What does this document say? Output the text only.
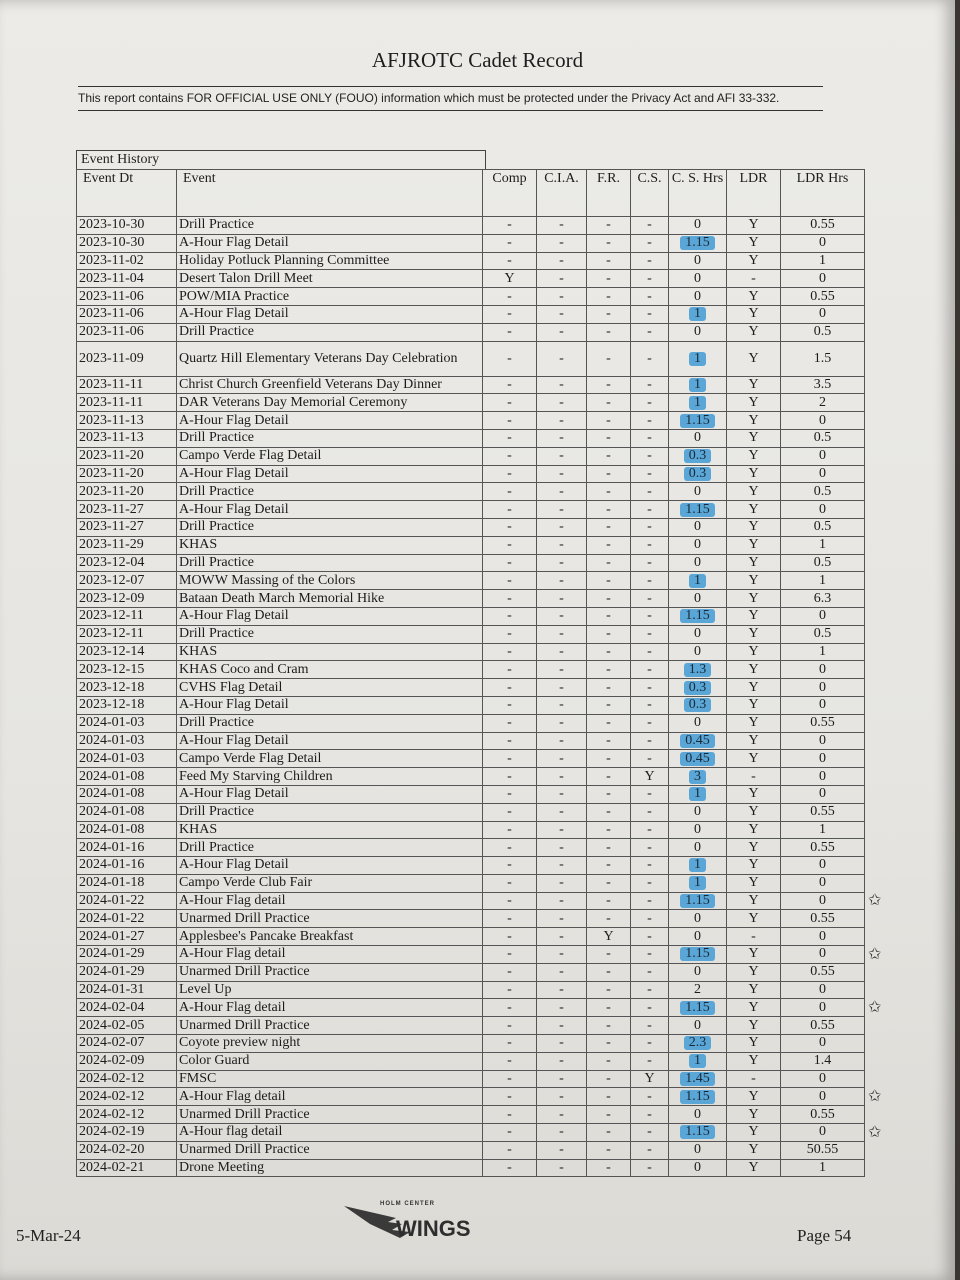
AFJROTC Cadet Record
This report contains FOR OFFICIAL USE ONLY (FOUO) information which must be protected under the Privacy Act and AFI 33-332.
Event History
Event Dt	Event	Comp	C.I.A.	F.R.	C.S.	C. S. Hrs	LDR	LDR Hrs
2023-10-30	Drill Practice	-	-	-	-	0	Y	0.55
2023-10-30	A-Hour Flag Detail	-	-	-	-	1.15	Y	0
2023-11-02	Holiday Potluck Planning Committee	-	-	-	-	0	Y	1
2023-11-04	Desert Talon Drill Meet	Y	-	-	-	0	-	0
2023-11-06	POW/MIA Practice	-	-	-	-	0	Y	0.55
2023-11-06	A-Hour Flag Detail	-	-	-	-	1	Y	0
2023-11-06	Drill Practice	-	-	-	-	0	Y	0.5
2023-11-09	Quartz Hill Elementary Veterans Day Celebration	-	-	-	-	1	Y	1.5
2023-11-11	Christ Church Greenfield Veterans Day Dinner	-	-	-	-	1	Y	3.5
2023-11-11	DAR Veterans Day Memorial Ceremony	-	-	-	-	1	Y	2
2023-11-13	A-Hour Flag Detail	-	-	-	-	1.15	Y	0
2023-11-13	Drill Practice	-	-	-	-	0	Y	0.5
2023-11-20	Campo Verde Flag Detail	-	-	-	-	0.3	Y	0
2023-11-20	A-Hour Flag Detail	-	-	-	-	0.3	Y	0
2023-11-20	Drill Practice	-	-	-	-	0	Y	0.5
2023-11-27	A-Hour Flag Detail	-	-	-	-	1.15	Y	0
2023-11-27	Drill Practice	-	-	-	-	0	Y	0.5
2023-11-29	KHAS	-	-	-	-	0	Y	1
2023-12-04	Drill Practice	-	-	-	-	0	Y	0.5
2023-12-07	MOWW Massing of the Colors	-	-	-	-	1	Y	1
2023-12-09	Bataan Death March Memorial Hike	-	-	-	-	0	Y	6.3
2023-12-11	A-Hour Flag Detail	-	-	-	-	1.15	Y	0
2023-12-11	Drill Practice	-	-	-	-	0	Y	0.5
2023-12-14	KHAS	-	-	-	-	0	Y	1
2023-12-15	KHAS Coco and Cram	-	-	-	-	1.3	Y	0
2023-12-18	CVHS Flag Detail	-	-	-	-	0.3	Y	0
2023-12-18	A-Hour Flag Detail	-	-	-	-	0.3	Y	0
2024-01-03	Drill Practice	-	-	-	-	0	Y	0.55
2024-01-03	A-Hour Flag Detail	-	-	-	-	0.45	Y	0
2024-01-03	Campo Verde Flag Detail	-	-	-	-	0.45	Y	0
2024-01-08	Feed My Starving Children	-	-	-	Y	3	-	0
2024-01-08	A-Hour Flag Detail	-	-	-	-	1	Y	0
2024-01-08	Drill Practice	-	-	-	-	0	Y	0.55
2024-01-08	KHAS	-	-	-	-	0	Y	1
2024-01-16	Drill Practice	-	-	-	-	0	Y	0.55
2024-01-16	A-Hour Flag Detail	-	-	-	-	1	Y	0
2024-01-18	Campo Verde Club Fair	-	-	-	-	1	Y	0
2024-01-22	A-Hour Flag detail	-	-	-	-	1.15	Y	0
2024-01-22	Unarmed Drill Practice	-	-	-	-	0	Y	0.55
2024-01-27	Applesbee's Pancake Breakfast	-	-	Y	-	0	-	0
2024-01-29	A-Hour Flag detail	-	-	-	-	1.15	Y	0
2024-01-29	Unarmed Drill Practice	-	-	-	-	0	Y	0.55
2024-01-31	Level Up	-	-	-	-	2	Y	0
2024-02-04	A-Hour Flag detail	-	-	-	-	1.15	Y	0
2024-02-05	Unarmed Drill Practice	-	-	-	-	0	Y	0.55
2024-02-07	Coyote preview night	-	-	-	-	2.3	Y	0
2024-02-09	Color Guard	-	-	-	-	1	Y	1.4
2024-02-12	FMSC	-	-	-	Y	1.45	-	0
2024-02-12	A-Hour Flag detail	-	-	-	-	1.15	Y	0
2024-02-12	Unarmed Drill Practice	-	-	-	-	0	Y	0.55
2024-02-19	A-Hour flag detail	-	-	-	-	1.15	Y	0
2024-02-20	Unarmed Drill Practice	-	-	-	-	0	Y	50.55
2024-02-21	Drone Meeting	-	-	-	-	0	Y	1
✩
✩
✩
✩
✩
5-Mar-24
HOLM CENTER
WINGS	Page 54
